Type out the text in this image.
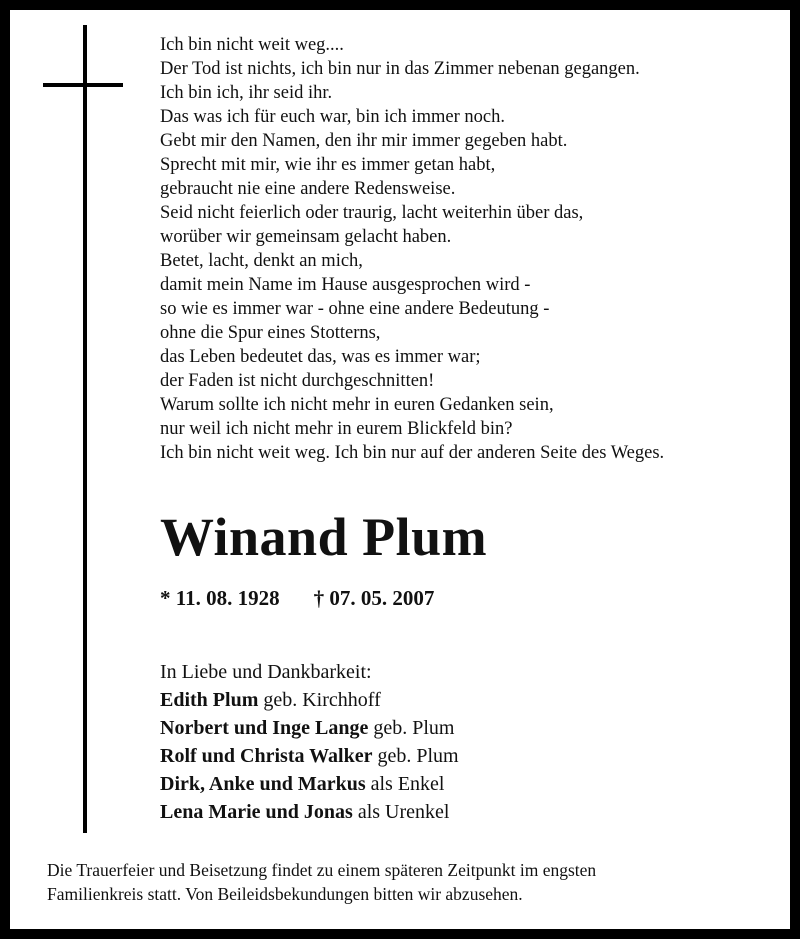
Ich bin nicht weit weg....
Der Tod ist nichts, ich bin nur in das Zimmer nebenan gegangen.
Ich bin ich, ihr seid ihr.
Das was ich für euch war, bin ich immer noch.
Gebt mir den Namen, den ihr mir immer gegeben habt.
Sprecht mit mir, wie ihr es immer getan habt,
gebraucht nie eine andere Redensweise.
Seid nicht feierlich oder traurig, lacht weiterhin über das,
worüber wir gemeinsam gelacht haben.
Betet, lacht, denkt an mich,
damit mein Name im Hause ausgesprochen wird -
so wie es immer war - ohne eine andere Bedeutung -
ohne die Spur eines Stotterns,
das Leben bedeutet das, was es immer war;
der Faden ist nicht durchgeschnitten!
Warum sollte ich nicht mehr in euren Gedanken sein,
nur weil ich nicht mehr in eurem Blickfeld bin?
Ich bin nicht weit weg. Ich bin nur auf der anderen Seite des Weges.
Winand Plum
* 11. 08. 1928 † 07. 05. 2007
In Liebe und Dankbarkeit:
Edith Plum geb. Kirchhoff
Norbert und Inge Lange geb. Plum
Rolf und Christa Walker geb. Plum
Dirk, Anke und Markus als Enkel
Lena Marie und Jonas als Urenkel
Die Trauerfeier und Beisetzung findet zu einem späteren Zeitpunkt im engsten
Familienkreis statt. Von Beileidsbekundungen bitten wir abzusehen.
